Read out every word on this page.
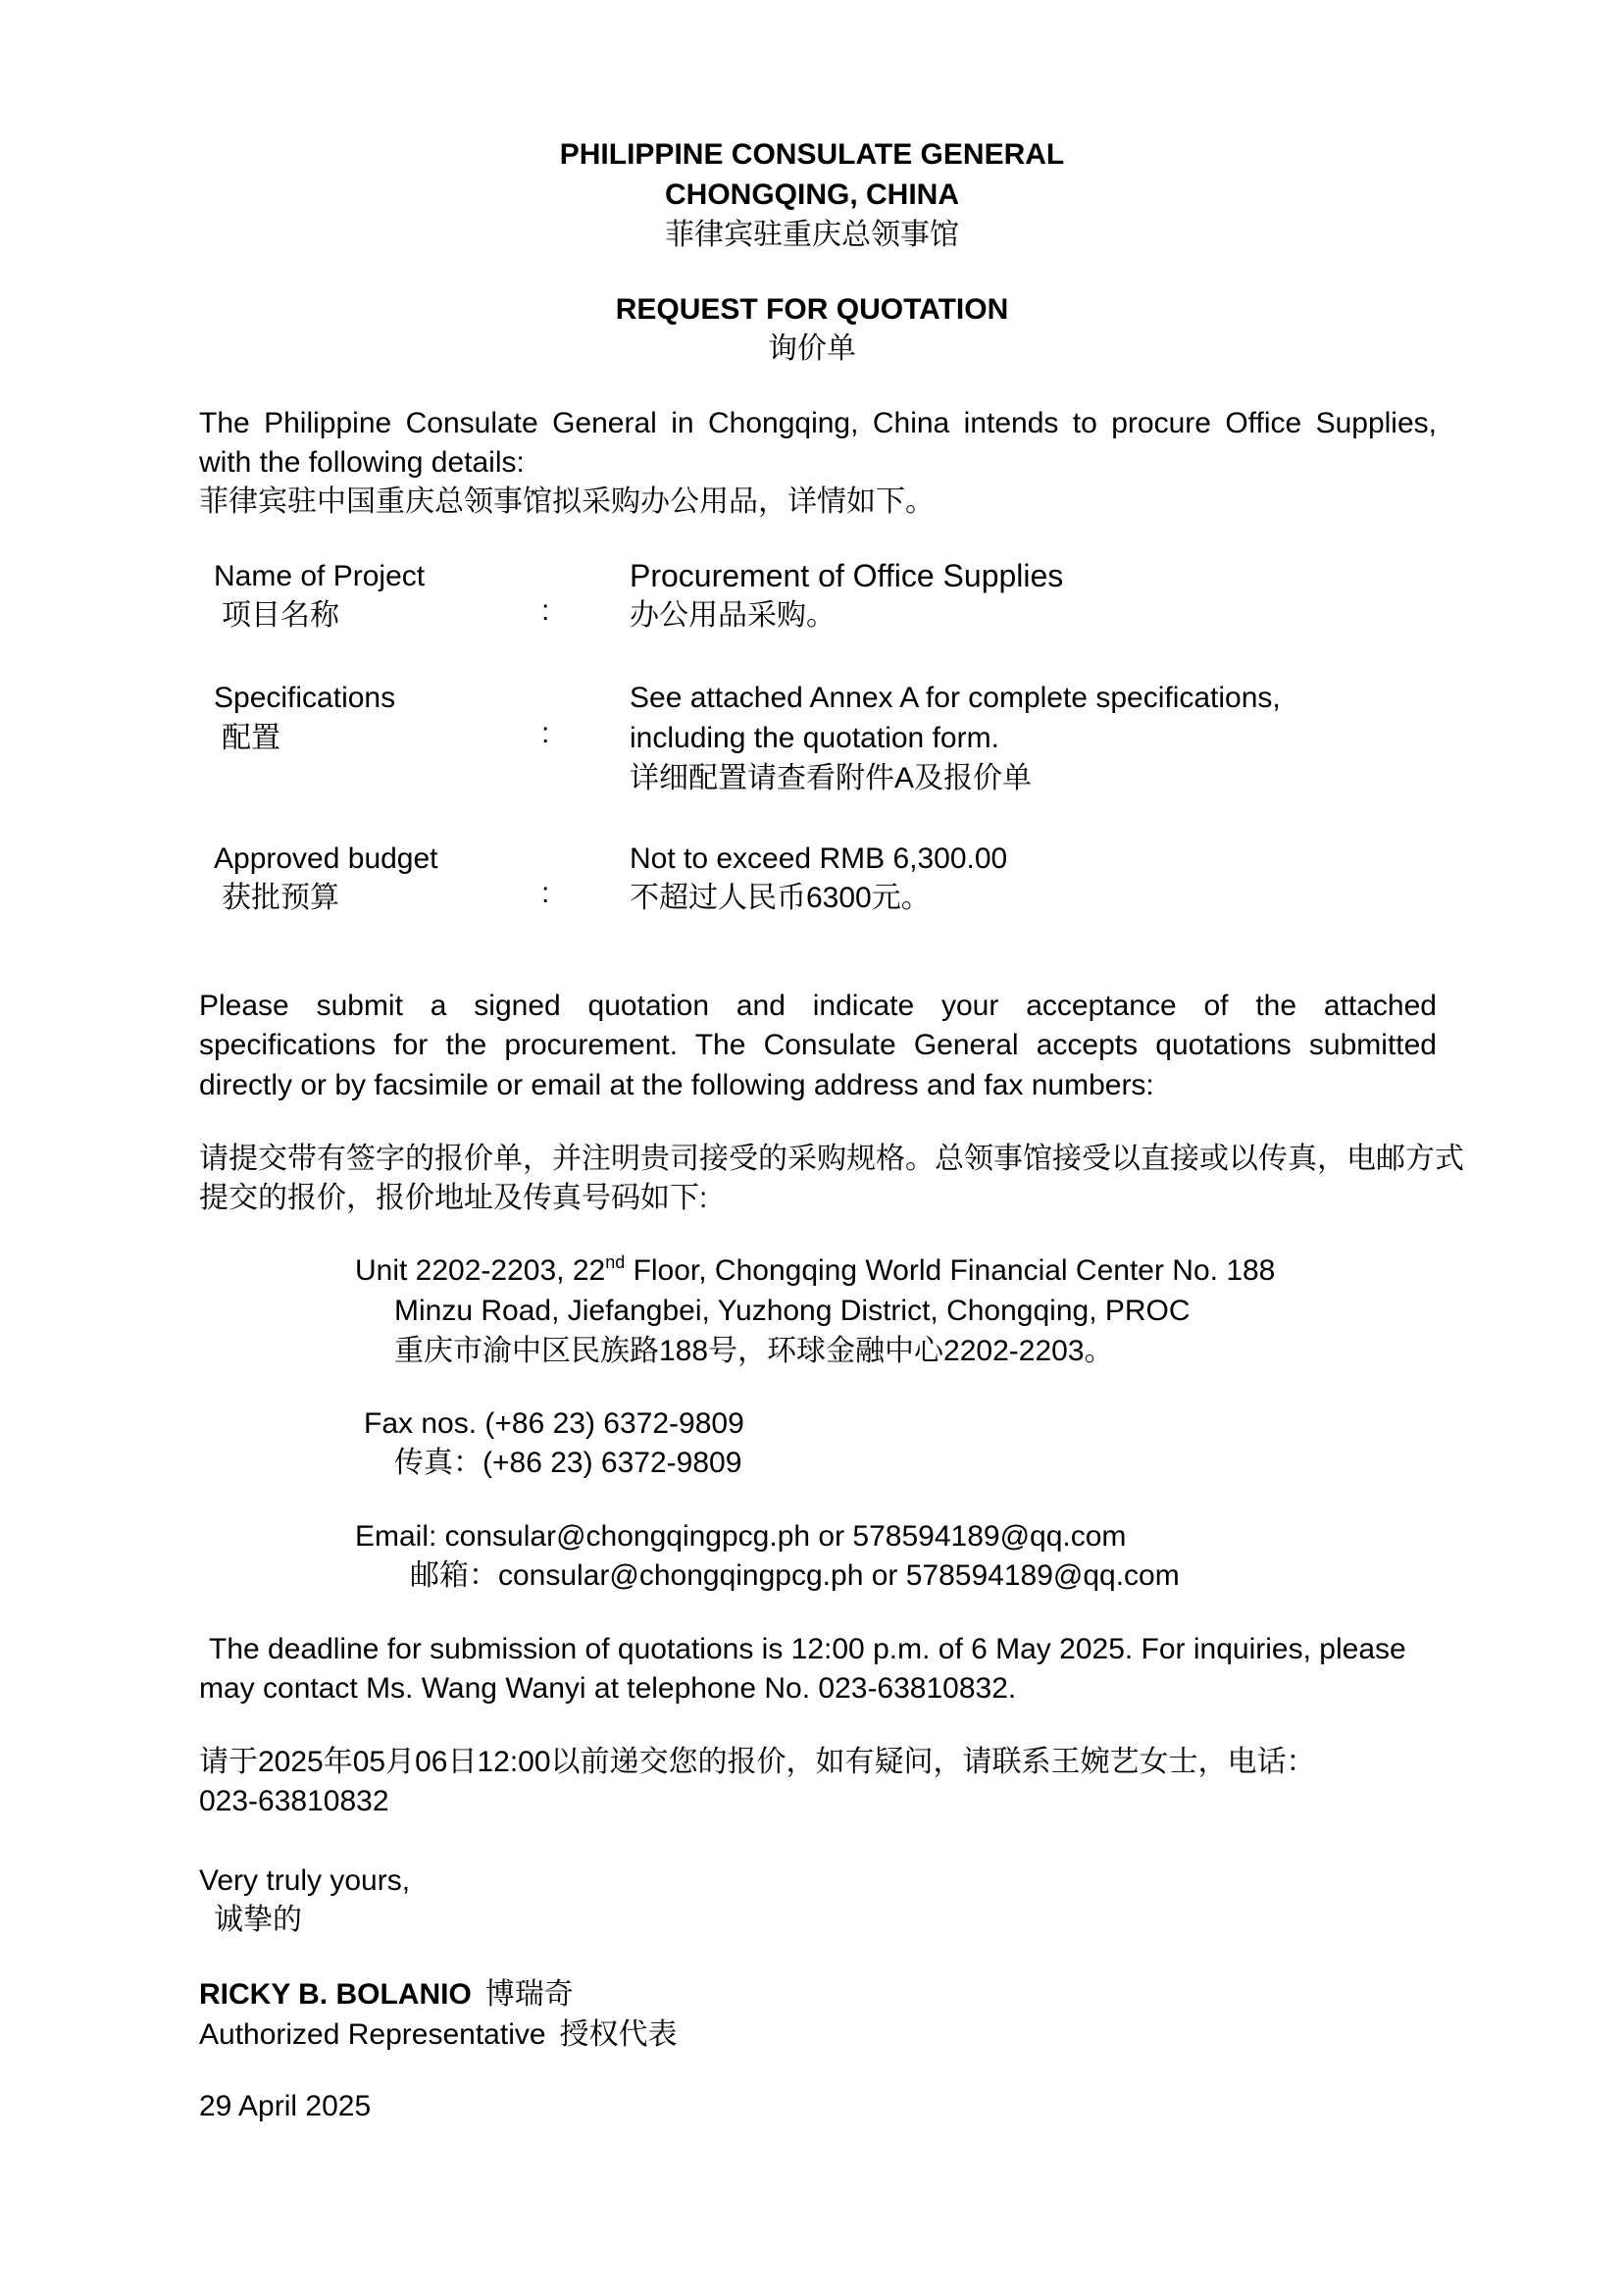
PHILIPPINE CONSULATE GENERAL
CHONGQING, CHINA
菲律宾驻重庆总领事馆
REQUEST FOR QUOTATION
询价单
The Philippine Consulate General in Chongqing, China intends to procure Office Supplies,
with the following details:
菲律宾驻中国重庆总领事馆拟采购办公用品，详情如下。
Name of Project
项目名称	:
Procurement of Office Supplies
办公用品采购。
Specifications
配置	:
See attached Annex A for complete specifications,
including the quotation form.
详细配置请查看附件A及报价单
Approved budget
获批预算	:
Not to exceed RMB 6,300.00
不超过人民币6300元。
Please submit a signed quotation and indicate your acceptance of the attached
specifications for the procurement. The Consulate General accepts quotations submitted
directly or by facsimile or email at the following address and fax numbers:
请提交带有签字的报价单，并注明贵司接受的采购规格。总领事馆接受以直接或以传真，电邮方式
提交的报价，报价地址及传真号码如下:
Unit 2202-2203, 22nd Floor, Chongqing World Financial Center No. 188
Minzu Road, Jiefangbei, Yuzhong District, Chongqing, PROC
重庆市渝中区民族路188号，环球金融中心2202-2203。
Fax nos. (+86 23) 6372-9809
传真：(+86 23) 6372-9809
Email: consular@chongqingpcg.ph or 578594189@qq.com
邮箱：consular@chongqingpcg.ph or 578594189@qq.com
The deadline for submission of quotations is 12:00 p.m. of 6 May 2025. For inquiries, please
may contact Ms. Wang Wanyi at telephone No. 023-63810832.
请于2025年05月06日12:00以前递交您的报价，如有疑问，请联系王婉艺女士，电话：
023-63810832
Very truly yours,
诚挚的
RICKY B. BOLANIO 博瑞奇
Authorized Representative 授权代表
29 April 2025
